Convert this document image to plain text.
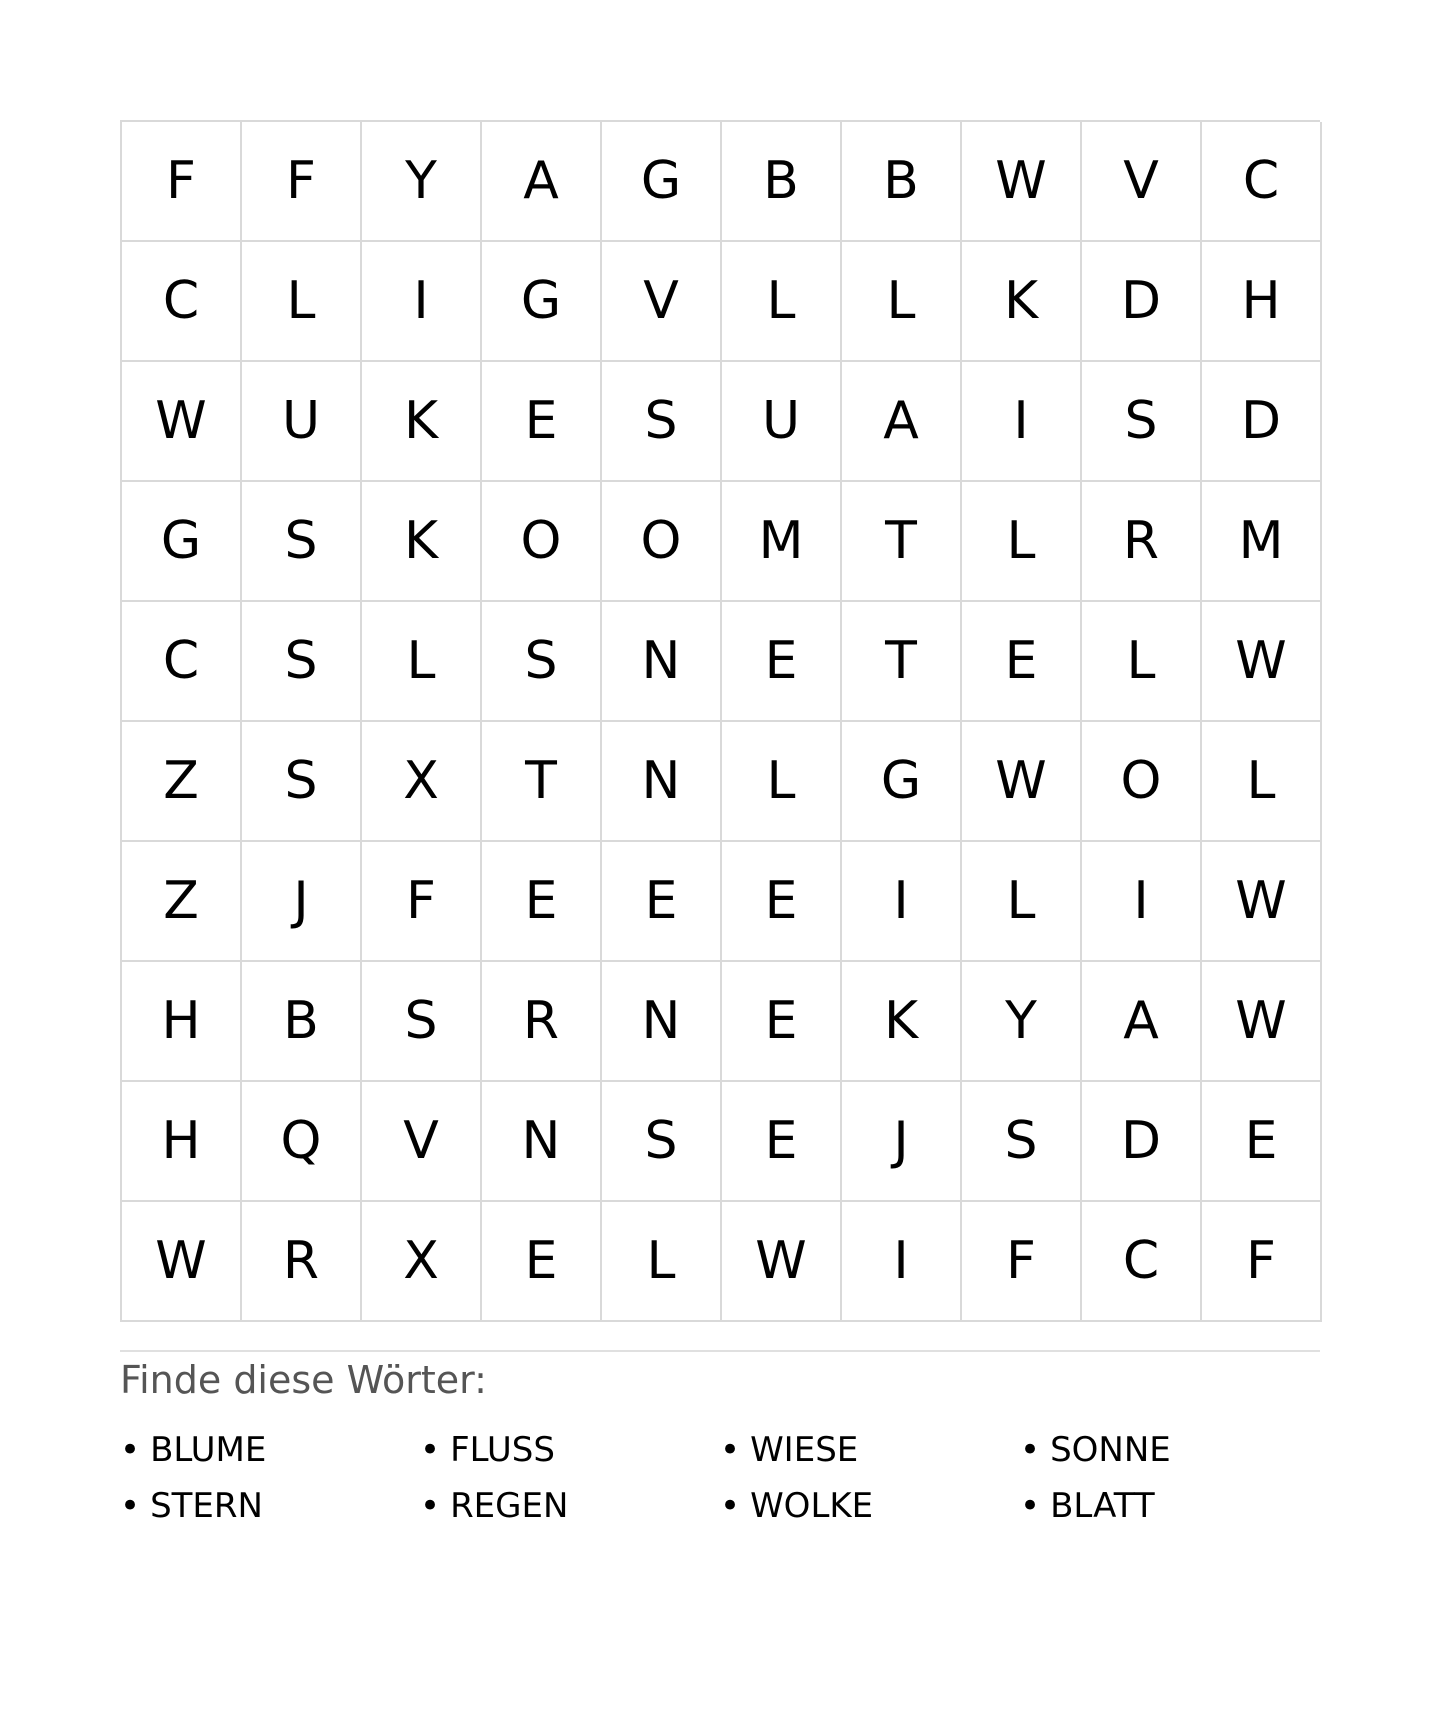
F	F	Y	A	G	B	B	W	V	C
C	L	I	G	V	L	L	K	D	H
W	U	K	E	S	U	A	I	S	D
G	S	K	O	O	M	T	L	R	M
C	S	L	S	N	E	T	E	L	W
Z	S	X	T	N	L	G	W	O	L
Z	J	F	E	E	E	I	L	I	W
H	B	S	R	N	E	K	Y	A	W
H	Q	V	N	S	E	J	S	D	E
W	R	X	E	L	W	I	F	C	F
Finde diese Wörter:
• BLUME	• FLUSS	• WIESE	• SONNE
• STERN	• REGEN	• WOLKE	• BLATT
